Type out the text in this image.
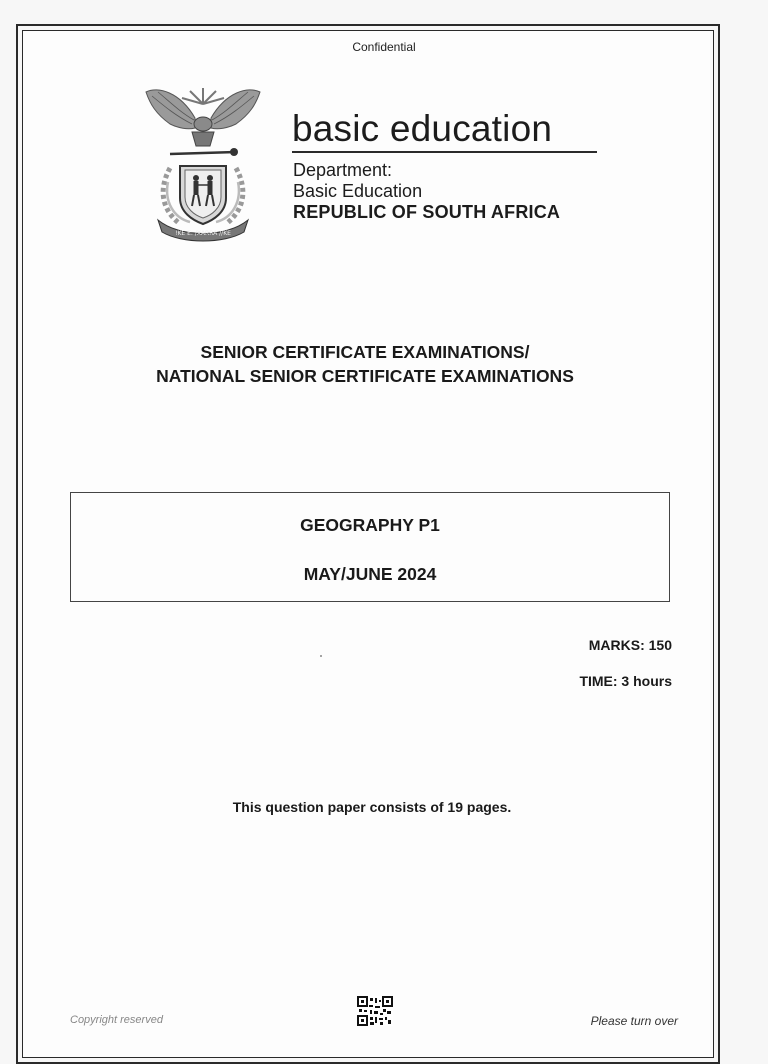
Confidential
!KE E: /XARRA //KE
basic education
Department:
Basic Education
REPUBLIC OF SOUTH AFRICA
SENIOR CERTIFICATE EXAMINATIONS/
NATIONAL SENIOR CERTIFICATE EXAMINATIONS
GEOGRAPHY P1
MAY/JUNE 2024
MARKS: 150
TIME: 3 hours
This question paper consists of 19 pages.
Copyright reserved	Please turn over
